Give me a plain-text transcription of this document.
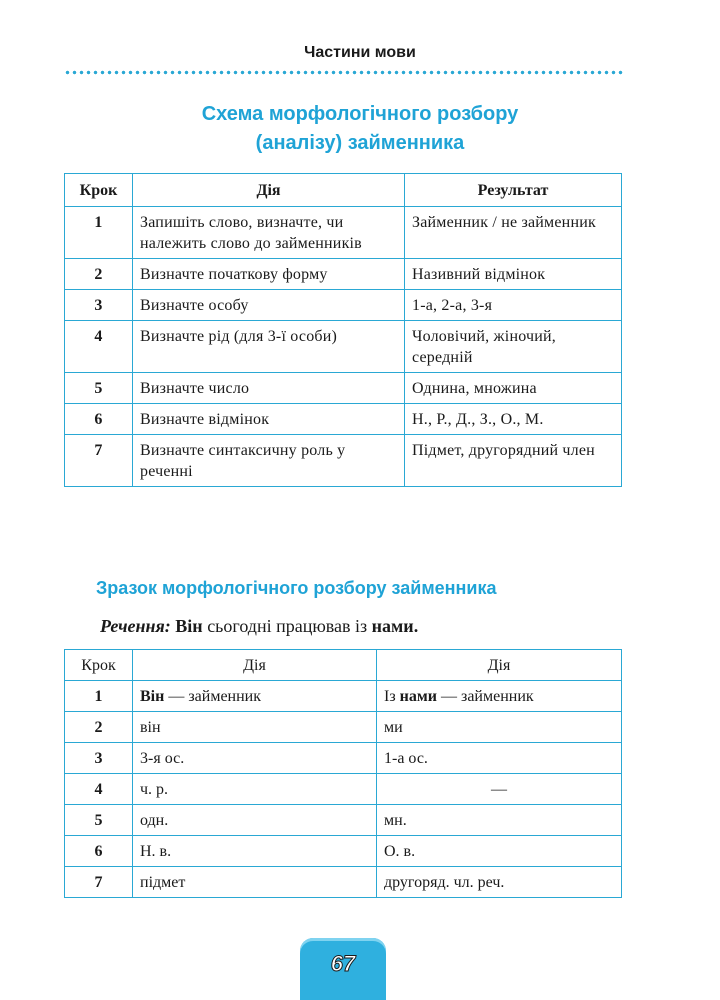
Частини мови
Схема морфологічного розбору
(аналізу) займенника
Крок	Дія	Результат
1	Запишіть слово, визначте, чи належить слово до займенників	Займенник / не займенник
2	Визначте початкову форму	Називний відмінок
3	Визначте особу	1-а, 2-а, 3-я
4	Визначте рід (для 3-ї особи)	Чоловічий, жіночий, середній
5	Визначте число	Однина, множина
6	Визначте відмінок	Н., Р., Д., З., О., М.
7	Визначте синтаксичну роль у реченні	Підмет, другорядний член
Зразок морфологічного розбору займенника
Речення: Він сьогодні працював із нами.
Крок	Дія	Дія
1	Він — займенник	Із нами — займенник
2	він	ми
3	3-я ос.	1-а ос.
4	ч. р.	—
5	одн.	мн.
6	Н. в.	О. в.
7	підмет	другоряд. чл. реч.
67
